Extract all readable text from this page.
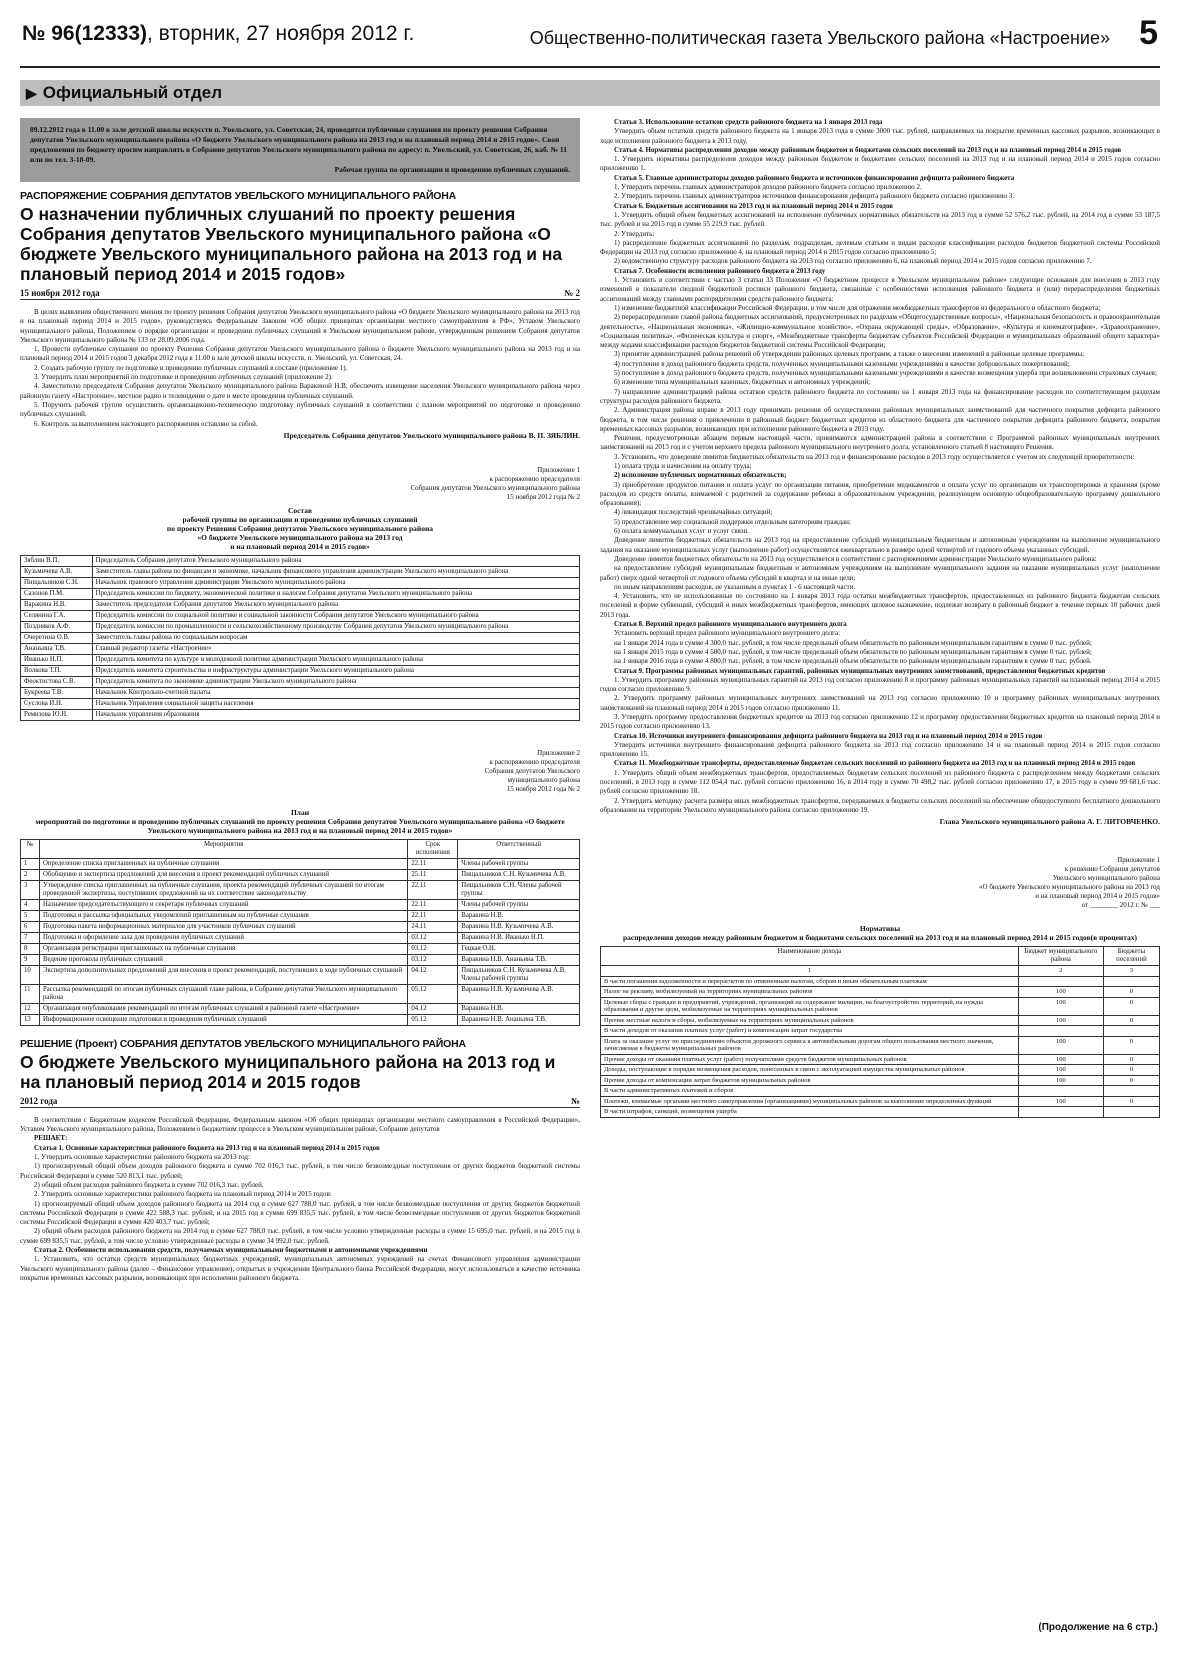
№ 96(12333), вторник, 27 ноября 2012 г.	Общественно-политическая газета Увельского района «Настроение» 5
▶ Официальный отдел

09.12.2012 года в 11.00 в зале детской школы искусств п. Увельского, ул. Советская, 24, проводятся публичные слушания по проекту решения Собрания депутатов Увельского муниципального района «О бюджете Увельского муниципального района на 2013 год и на плановый период 2014 и 2015 годов». Свои предложения по бюджету просим направлять в Собрание депутатов Увельского муниципального района по адресу: п. Увельский, ул. Советская, 26, каб. № 11 или по тел. 3-18-09.

Рабочая группа по организации и проведению публичных слушаний.

РАСПОРЯЖЕНИЕ СОБРАНИЯ ДЕПУТАТОВ УВЕЛЬСКОГО МУНИЦИПАЛЬНОГО РАЙОНА
О назначении публичных слушаний по проекту решения Собрания депутатов Увельского муниципального района «О бюджете Увельского муниципального района на 2013 год и на плановый период 2014 и 2015 годов»
15 ноября 2012 года	№ 2

В целях выявления общественного мнения по проекту решения Собрания депутатов Увельского муниципального района «О бюджете Увельского муниципального района на 2013 год и на плановый период 2014 и 2015 годов», руководствуясь Федеральным Законом «Об общих принципах организации местного самоуправления в РФ», Уставом Увельского муниципального района, Положением о порядке организации и проведении публичных слушаний в Увельском муниципальном районе, утвержденным решением Собрания депутатов Увельского муниципального района № 133 от 28.09.2006 года.

1. Провести публичные слушания по проекту Решения Собрания депутатов Увельского муниципального района о бюджете Увельского муниципального района на 2013 год и на плановый период 2014 и 2015 годов 3 декабря 2012 года в 11.00 в зале детской школы искусств, п. Увельский, ул. Советская, 24.

2. Создать рабочую группу по подготовке и проведению публичных слушаний в составе (приложение 1).

3. Утвердить план мероприятий по подготовке и проведению публичных слушаний (приложение 2).

4. Заместителю председателя Собрания депутатов Увельского муниципального района Варакиной Н.В. обеспечить извещение населения Увельского муниципального района через районную газету «Настроение», местное радио и телевидение о дате и месте проведения публичных слушаний.

5. Поручить рабочей группе осуществить организационно-техническую подготовку публичных слушаний в соответствии с планом мероприятий по подготовке и проведению публичных слушаний.

6. Контроль за выполнением настоящего распоряжения оставляю за собой.

Председатель Собрания депутатов Увельского муниципального района В. П. ЗЯБЛИН.
Приложение 1
к распоряжению председателя
Собрания депутатов Увельского муниципального района
15 ноября 2012 года № 2
Состав
рабочей группы по организации и проведению публичных слушаний
по проекту Решения Собрания депутатов Увельского муниципального района
«О бюджете Увельского муниципального района на 2013 год
и на плановый период 2014 и 2015 годов»
Зяблин В.П.	Председатель Собрания депутатов Увельского муниципального района
Кузьмичева А.В.	Заместитель главы района по финансам и экономике, начальник финансового управления администрации Увельского муниципального района
Пищальников С.Н.	Начальник правового управления администрации Увельского муниципального района
Сазонов П.М.	Председатель комиссии по бюджету, экономической политике и налогам Собрания депутатов Увельского муниципального района
Варакина Н.В.	Заместитель председателя Собрания депутатов Увельского муниципального района
Селянина Г.А.	Председатель комиссии по социальной политике и социальной законности Собрания депутатов Увельского муниципального района
Поздняков А.Ф.	Председатель комиссии по промышленности и сельскохозяйственному производству Собрания депутатов Увельского муниципального района
Очеретина О.В.	Заместитель главы района по социальным вопросам
Ананьина Т.В.	Главный редактор газеты «Настроение»
Иванько Н.П.	Председатель комитета по культуре и молодежной политике администрации Увельского муниципального района
Волкова Т.П.	Председатель комитета строительства и инфраструктуры администрации Увельского муниципального района
Феоктистова С.В.	Председатель комитета по экономике администрации Увельского муниципального района
Букреева Т.В.	Начальник Контрольно-счетной палаты
Суслова И.Н.	Начальник Управления социальной защиты населения
Ремизова Ю.Н.	Начальник управления образования
Приложение 2
к распоряжению председателя
Собрания депутатов Увельского
муниципального района
15 ноября 2012 года № 2
План
мероприятий по подготовке и проведению публичных слушаний по проекту решения Собрания депутатов Увельского муниципального района «О бюджете Увельского муниципального района на 2013 год и на плановый период 2014 и 2015 годов»
№	Мероприятия	Срок исполнения	Ответственный
1	Определение списка приглашенных на публичные слушания	22.11	Члены рабочей группы
2	Обобщение и экспертиза предложений для внесения в проект рекомендаций публичных слушаний	25.11	Пищальников С.Н. Кузьмичева А.В.
3	Утверждение списка приглашенных на публичные слушания, проекта рекомендаций публичных слушаний по итогам проведенной экспертизы, поступивших предложений на их соответствие законодательству	22.11	Пищальников С.Н. Члены рабочей группы
4	Назначение председательствующего и секретаря публичных слушаний	22.11	Члены рабочей группы
5	Подготовка и рассылка официальных уведомлений приглашенным на публичные слушания	22.11	Варакина Н.В.
6	Подготовка пакета информационных материалов для участников публичных слушаний	24.11	Варакина Н.В. Кузьмичева А.В.
7	Подготовка и оформление зала для проведения публичных слушаний	03.12	Варакина Н.В. Иванько Н.П.
8	Организация регистрации приглашенных на публичные слушания	03.12	Гецкая О.Н.
9	Ведение протокола публичных слушаний	03.12	Варакина Н.В. Ананьина Т.В.
10	Экспертиза дополнительных предложений для внесения в проект рекомендаций, поступивших в ходе публичных слушаний	04.12	Пищальников С.Н. Кузьмичева А.В. Члены рабочей группы
11	Рассылка рекомендаций по итогам публичных слушаний главе района, в Собрание депутатов Увельского муниципального района	05.12	Варакина Н.В. Кузьмичева А.В.
12	Организация опубликования рекомендаций по итогам публичных слушаний в районной газете «Настроение»	04.12	Варакина Н.В.
13	Информационное освещение подготовки и проведения публичных слушаний	05.12	Варакина Н.В. Ананьина Т.В.
РЕШЕНИЕ (Проект) СОБРАНИЯ ДЕПУТАТОВ УВЕЛЬСКОГО МУНИЦИПАЛЬНОГО РАЙОНА
О бюджете Увельского муниципального района на 2013 год и на плановый период 2014 и 2015 годов
2012 года	№

В соответствии с Бюджетным кодексом Российской Федерации, Федеральным законом «Об общих принципах организации местного самоуправления в Российской Федерации», Уставом Увельского муниципального района, Положением о бюджетном процессе в Увельском муниципальном районе, Собрание депутатов

РЕШАЕТ:

Статья 1. Основные характеристики районного бюджета на 2013 год и на плановый период 2014 и 2015 годов

1. Утвердить основные характеристики районного бюджета на 2013 год:

1) прогнозируемый общий объем доходов районного бюджета в сумме 702 016,3 тыс. рублей, в том числе безвозмездные поступления от других бюджетов бюджетной системы Российской Федерации в сумме 520 813,1 тыс. рублей;

2) общий объем расходов районного бюджета в сумме 702 016,3 тыс. рублей.

2. Утвердить основные характеристики районного бюджета на плановый период 2014 и 2015 годов:

1) прогнозируемый общий объем доходов районного бюджета на 2014 год в сумме 627 788,0 тыс. рублей, в том числе безвозмездные поступления от других бюджетов бюджетной системы Российской Федерации в сумме 422 588,3 тыс. рублей, и на 2015 год в сумме 699 835,5 тыс. рублей, в том числе безвозмездные поступления от других бюджетов бюджетной системы Российской Федерации в сумме 420 403,7 тыс. рублей;

2) общий объем расходов районного бюджета на 2014 год в сумме 627 788,0 тыс. рублей, в том числе условно утвержденные расходы в сумме 15 695,0 тыс. рублей, и на 2015 год в сумме 699 835,5 тыс. рублей, в том числе условно утвержденные расходы в сумме 34 992,0 тыс. рублей.

Статья 2. Особенности использования средств, получаемых муниципальными бюджетными и автономными учреждениями

1. Установить, что остатки средств муниципальных бюджетных учреждений, муниципальных автономных учреждений на счетах Финансового управления администрации Увельского муниципального района (далее – Финансовое управление), открытых в учреждении Центрального банка Российской Федерации, могут использоваться в качестве источника покрытия временных кассовых разрывов, возникающих при исполнении районного бюджета.

Статья 3. Использование остатков средств районного бюджета на 1 января 2013 года

Утвердить объем остатков средств районного бюджета на 1 января 2013 года в сумме 3000 тыс. рублей, направляемых на покрытие временных кассовых разрывов, возникающих в ходе исполнения районного бюджета в 2013 году.

Статья 4. Нормативы распределения доходов между районным бюджетом и бюджетами сельских поселений на 2013 год и на плановый период 2014 и 2015 годов

1. Утвердить нормативы распределения доходов между районным бюджетом и бюджетами сельских поселений на 2013 год и на плановый период 2014 и 2015 годов согласно приложению 1.

Статья 5. Главные администраторы доходов районного бюджета и источников финансирования дефицита районного бюджета

1. Утвердить перечень главных администраторов доходов районного бюджета согласно приложению 2.

2. Утвердить перечень главных администраторов источников финансирования дефицита районного бюджета согласно приложению 3.

Статья 6. Бюджетные ассигнования на 2013 год и на плановый период 2014 и 2015 годов

1. Утвердить общий объем бюджетных ассигнований на исполнение публичных нормативных обязательств на 2013 год в сумме 52 576,2 тыс. рублей, на 2014 год в сумме 53 187,5 тыс. рублей и на 2015 год в сумме 55 219,9 тыс. рублей.

2. Утвердить:

1) распределение бюджетных ассигнований по разделам, подразделам, целевым статьям и видам расходов классификации расходов бюджетов бюджетной системы Российской Федерации на 2013 год согласно приложению 4, на плановый период 2014 и 2015 годов согласно приложению 5;

2) ведомственную структуру расходов районного бюджета на 2013 год согласно приложению 6, на плановый период 2014 и 2015 годов согласно приложению 7.

Статья 7. Особенности исполнения районного бюджета в 2013 году

1. Установить в соответствии с частью 3 статьи 33 Положения «О бюджетном процессе в Увельском муниципальном районе» следующие основания для внесения в 2013 году изменений в показатели сводной бюджетной росписи районного бюджета, связанные с особенностями исполнения районного бюджета и (или) перераспределения бюджетных ассигнований между главными распорядителями средств районного бюджета:

1) изменение бюджетной классификации Российской Федерации, в том числе для отражения межбюджетных трансфертов из федерального и областного бюджета;

2) перераспределение главой района бюджетных ассигнований, предусмотренных по разделам «Общегосударственные вопросы», «Национальная безопасность и правоохранительная деятельность», «Национальная экономика», «Жилищно-коммунальное хозяйство», «Охрана окружающей среды», «Образование», «Культура и кинематография», «Здравоохранение», «Социальная политика», «Физическая культура и спорт», «Межбюджетные трансферты бюджетам субъектов Российской Федерации и муниципальных образований общего характера» между кодами классификации расходов бюджетов бюджетной системы Российской Федерации;

3) принятие администрацией района решений об утверждении районных целевых программ, а также о внесении изменений в районные целевые программы;

4) поступление в доход районного бюджета средств, полученных муниципальными казенными учреждениями в качестве добровольных пожертвований;

5) поступление в доход районного бюджета средств, полученных муниципальными казенными учреждениями в качестве возмещения ущерба при возникновении страховых случаев;

6) изменение типа муниципальных казенных, бюджетных и автономных учреждений;

7) направление администрацией района остатков средств районного бюджета по состоянию на 1 января 2013 года на финансирование расходов по соответствующим разделам структуры расходов районного бюджета.

2. Администрация района вправе в 2013 году принимать решения об осуществлении районных муниципальных заимствований для частичного покрытия дефицита районного бюджета, в том числе решения о привлечении в районный бюджет бюджетных кредитов из областного бюджета для частичного покрытия дефицита районного бюджета, покрытия временных кассовых разрывов, возникающих при исполнении районного бюджета в 2013 году.

Решения, предусмотренные абзацем первым настоящей части, принимаются администрацией района в соответствии с Программой районных муниципальных внутренних заимствований на 2013 год и с учетом верхнего предела районного муниципального внутреннего долга, установленного статьей 8 настоящего Решения.

3. Установить, что доведение лимитов бюджетных обязательств на 2013 год и финансирование расходов в 2013 году осуществляется с учетом их следующей приоритетности:

1) оплата труда и начисления на оплату труда;

2) исполнение публичных нормативных обязательств;

3) приобретение продуктов питания и оплата услуг по организации питания, приобретение медикаментов и оплата услуг по организации их транспортировки и хранения (кроме расходов из средств оплаты, взимаемой с родителей за содержание ребенка в образовательном учреждении, реализующем основную общеобразовательную программу дошкольного образования);

4) ликвидация последствий чрезвычайных ситуаций;

5) предоставление мер социальной поддержки отдельным категориям граждан;

6) оплата коммунальных услуг и услуг связи.

Доведение лимитов бюджетных обязательств на 2013 год на предоставление субсидий муниципальным бюджетным и автономным учреждениям на выполнение муниципального задания на оказание муниципальных услуг (выполнение работ) осуществляется ежеквартально в размере одной четвертой от годового объема указанных субсидий.

Доведение лимитов бюджетных обязательств на 2013 год осуществляется в соответствии с распоряжениями администрации Увельского муниципального района:

на предоставление субсидий муниципальным бюджетным и автономным учреждениям на выполнение муниципального задания на оказание муниципальных услуг (выполнение работ) сверх одной четвертой от годового объема субсидий в квартал и на иные цели;

по иным направлениям расходов, не указанным в пунктах 1 - 6 настоящей части.

4. Установить, что не использованные по состоянию на 1 января 2013 года остатки межбюджетных трансфертов, предоставленных из районного бюджета бюджетам сельских поселений в форме субвенций, субсидий и иных межбюджетных трансфертов, имеющих целевое назначение, подлежат возврату в районный бюджет в течение первых 10 рабочих дней 2013 года.

Статья 8. Верхний предел районного муниципального внутреннего долга

Установить верхний предел районного муниципального внутреннего долга:

на 1 января 2014 года в сумме 4 300,0 тыс. рублей, в том числе предельный объем обязательств по районным муниципальным гарантиям в сумме 0 тыс. рублей;

на 1 января 2015 года в сумме 4 500,0 тыс. рублей, в том числе предельный объем обязательств по районным муниципальным гарантиям в сумме 0 тыс. рублей;

на 1 января 2016 года в сумме 4 800,0 тыс. рублей, в том числе предельный объем обязательств по районным муниципальным гарантиям в сумме 0 тыс. рублей.

Статья 9. Программы районных муниципальных гарантий, районных муниципальных внутренних заимствований, предоставления бюджетных кредитов

1. Утвердить программу районных муниципальных гарантий на 2013 год согласно приложению 8 и программу районных муниципальных гарантий на плановый период 2014 и 2015 годов согласно приложению 9.

2. Утвердить программу районных муниципальных внутренних заимствований на 2013 год согласно приложению 10 и программу районных муниципальных внутренних заимствований на плановый период 2014 и 2015 годов согласно приложению 11.

3. Утвердить программу предоставления бюджетных кредитов на 2013 год согласно приложению 12 и программу предоставления бюджетных кредитов на плановый период 2014 и 2015 годов согласно приложению 13.

Статья 10. Источники внутреннего финансирования дефицита районного бюджета на 2013 год и на плановый период 2014 и 2015 годов

Утвердить источники внутреннего финансирования дефицита районного бюджета на 2013 год согласно приложению 14 и на плановый период 2014 и 2015 годов согласно приложению 15.

Статья 11. Межбюджетные трансферты, предоставляемые бюджетам сельских поселений из районного бюджета на 2013 год и на плановый период 2014 и 2015 годов

1. Утвердить общий объем межбюджетных трансфертов, предоставляемых бюджетам сельских поселений из районного бюджета с распределением между бюджетами сельских поселений, в 2013 году в сумме 112 054,4 тыс. рублей согласно приложению 16, в 2014 году в сумме 70 498,2 тыс. рублей согласно приложению 17, в 2015 году в сумме 99 681,6 тыс. рублей согласно приложению 18.

2. Утвердить методику расчета размера иных межбюджетных трансфертов, передаваемых в бюджеты сельских поселений на обеспечение общедоступного бесплатного дошкольного образования на территории Увельского муниципального района согласно приложению 19.

Глава Увельского муниципального района А. Г. ЛИТОВЧЕНКО.
Приложение 1
к решению Собрания депутатов
Увельского муниципального района
«О бюджете Увельского муниципального района на 2013 год
и на плановый период 2014 и 2015 годов»
от ________ 2012 г. № ___
Нормативы
распределения доходов между районным бюджетом и бюджетами сельских поселений на 2013 год и на плановый период 2014 и 2015 годов(в процентах)
Наименование дохода	Бюджет муниципального района	Бюджеты поселений
1	2	3
В части погашения задолженности и перерасчетов по отмененным налогам, сборам и иным обязательным платежам		
Налог на рекламу, мобилизуемый на территориях муниципальных районов	100	0
Целевые сборы с граждан и предприятий, учреждений, организаций на содержание милиции, на благоустройство территорий, на нужды образования и другие цели, мобилизуемые на территориях муниципальных районов	100	0
Прочие местные налоги и сборы, мобилизуемые на территориях муниципальных районов	100	0
В части доходов от оказания платных услуг (работ) и компенсации затрат государства		
Плата за оказание услуг по присоединению объектов дорожного сервиса к автомобильным дорогам общего пользования местного значения, зачисляемая в бюджеты муниципальных районов	100	0
Прочие доходы от оказания платных услуг (работ) получателями средств бюджетов муниципальных районов	100	0
Доходы, поступающие в порядке возмещения расходов, понесенных в связи с эксплуатацией имущества муниципальных районов	100	0
Прочие доходы от компенсации затрат бюджетов муниципальных районов	100	0
В части административных платежей и сборов		
Платежи, взимаемые органами местного самоуправления (организациями) муниципальных районов за выполнение определенных функций	100	0
В части штрафов, санкций, возмещения ущерба		
(Продолжение на 6 стр.)
